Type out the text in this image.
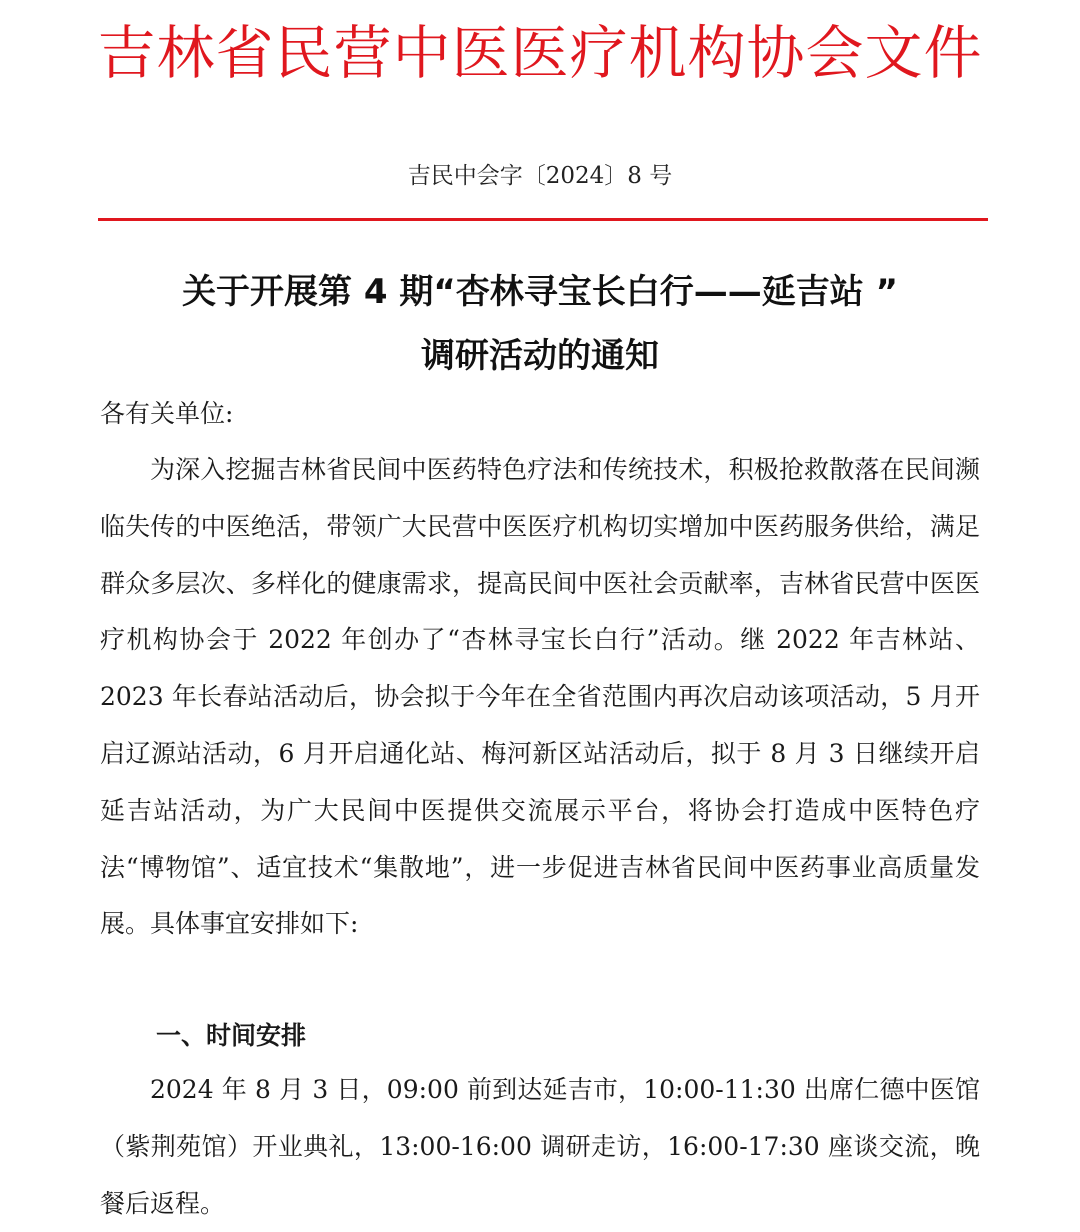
吉林省民营中医医疗机构协会文件
吉民中会字〔2024〕8 号
关于开展第 4 期“杏林寻宝长白行——延吉站 ”
调研活动的通知
各有关单位:

为深入挖掘吉林省民间中医药特色疗法和传统技术，积极抢救散落在民间濒临失传的中医绝活，带领广大民营中医医疗机构切实增加中医药服务供给，满足群众多层次、多样化的健康需求，提高民间中医社会贡献率，吉林省民营中医医疗机构协会于 2022 年创办了“杏林寻宝长白行”活动。继 2022 年吉林站、2023 年长春站活动后，协会拟于今年在全省范围内再次启动该项活动，5 月开启辽源站活动，6 月开启通化站、梅河新区站活动后，拟于 8 月 3 日继续开启延吉站活动，为广大民间中医提供交流展示平台，将协会打造成中医特色疗法“博物馆”、适宜技术“集散地”，进一步促进吉林省民间中医药事业高质量发展。具体事宜安排如下:

一、时间安排

2024 年 8 月 3 日，09:00 前到达延吉市，10:00-11:30 出席仁德中医馆（紫荆苑馆）开业典礼，13:00-16:00 调研走访，16:00-17:30 座谈交流，晚餐后返程。
